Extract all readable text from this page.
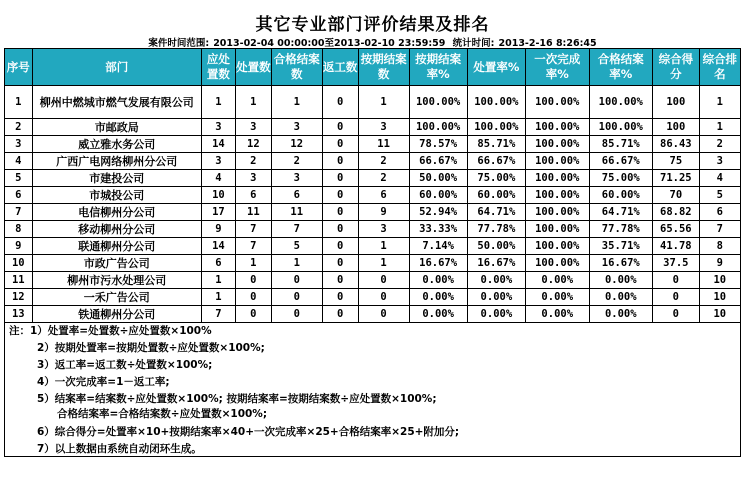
其它专业部门评价结果及排名
案件时间范围: 2013-02-04 00:00:00至2013-02-10 23:59:59 统计时间: 2013-2-16 8:26:45
序号	部门	应处置数	处置数	合格结案数	返工数	按期结案数	按期结案率%	处置率%	一次完成率%	合格结案率%	综合得分	综合排名
1	柳州中燃城市燃气发展有限公司	1	1	1	0	1	100.00%	100.00%	100.00%	100.00%	100	1
2	市邮政局	3	3	3	0	3	100.00%	100.00%	100.00%	100.00%	100	1
3	威立雅水务公司	14	12	12	0	11	78.57%	85.71%	100.00%	85.71%	86.43	2
4	广西广电网络柳州分公司	3	2	2	0	2	66.67%	66.67%	100.00%	66.67%	75	3
5	市建投公司	4	3	3	0	2	50.00%	75.00%	100.00%	75.00%	71.25	4
6	市城投公司	10	6	6	0	6	60.00%	60.00%	100.00%	60.00%	70	5
7	电信柳州分公司	17	11	11	0	9	52.94%	64.71%	100.00%	64.71%	68.82	6
8	移动柳州分公司	9	7	7	0	3	33.33%	77.78%	100.00%	77.78%	65.56	7
9	联通柳州分公司	14	7	5	0	1	7.14%	50.00%	100.00%	35.71%	41.78	8
10	市政广告公司	6	1	1	0	1	16.67%	16.67%	100.00%	16.67%	37.5	9
11	柳州市污水处理公司	1	0	0	0	0	0.00%	0.00%	0.00%	0.00%	0	10
12	一禾广告公司	1	0	0	0	0	0.00%	0.00%	0.00%	0.00%	0	10
13	铁通柳州分公司	7	0	0	0	0	0.00%	0.00%	0.00%	0.00%	0	10
注：1）处置率=处置数÷应处置数×100%
2）按期处置率=按期处置数÷应处置数×100%;
3）返工率=返工数÷处置数×100%;
4）一次完成率=1－返工率;
5）结案率=结案数÷应处置数×100%; 按期结案率=按期结案数÷应处置数×100%;
合格结案率=合格结案数÷应处置数×100%;
6）综合得分=处置率×10+按期结案率×40+一次完成率×25+合格结案率×25+附加分;
7）以上数据由系统自动闭环生成。
